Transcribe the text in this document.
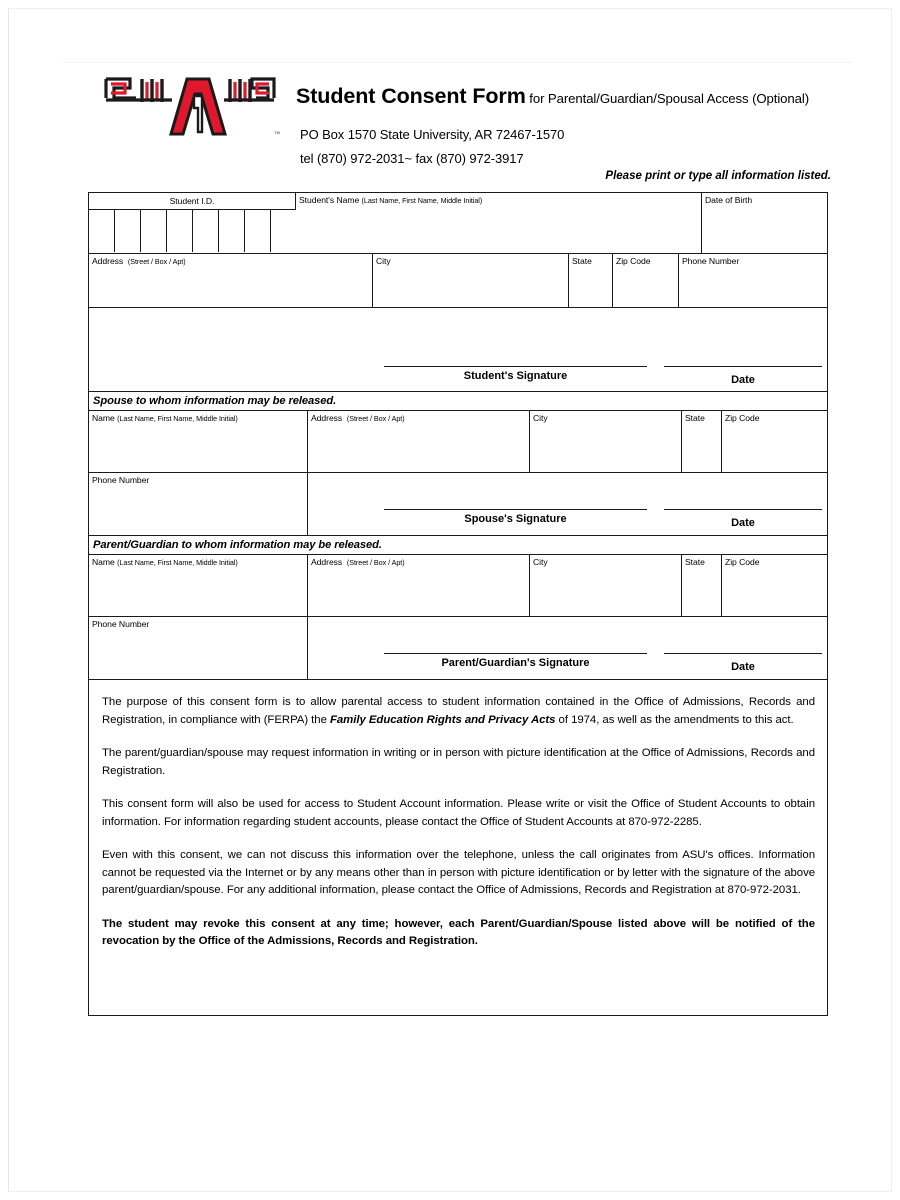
TM
Student Consent Form for Parental/Guardian/Spousal Access (Optional)
PO Box 1570 State University, AR 72467-1570
tel (870) 972-2031~ fax (870) 972-3917
Please print or type all information listed.
Student I.D.	Student's Name (Last Name, First Name, Middle Initial)	Date of Birth
Address (Street / Box / Apt)	City	State	Zip Code	Phone Number
Student's Signature	Date
Spouse to whom information may be released.
Name (Last Name, First Name, Middle Initial)	Address (Street / Box / Apt)	City	State	Zip Code
Phone Number
Spouse's Signature	Date
Parent/Guardian to whom information may be released.
Name (Last Name, First Name, Middle Initial)	Address (Street / Box / Apt)	City	State	Zip Code
Phone Number
Parent/Guardian's Signature	Date

The purpose of this consent form is to allow parental access to student information contained in the Office of Admissions, Records and Registration, in compliance with (FERPA) the Family Education Rights and Privacy Acts of 1974, as well as the amendments to this act.

The parent/guardian/spouse may request information in writing or in person with picture identification at the Office of Admissions, Records and Registration.

This consent form will also be used for access to Student Account information. Please write or visit the Office of Student Accounts to obtain information. For information regarding student accounts, please contact the Office of Student Accounts at 870-972-2285.

Even with this consent, we can not discuss this information over the telephone, unless the call originates from ASU's offices. Information cannot be requested via the Internet or by any means other than in person with picture identification or by letter with the signature of the above parent/guardian/spouse. For any additional information, please contact the Office of Admissions, Records and Registration at 870-972-2031.

The student may revoke this consent at any time; however, each Parent/Guardian/Spouse listed above will be notified of the revocation by the Office of the Admissions, Records and Registration.
